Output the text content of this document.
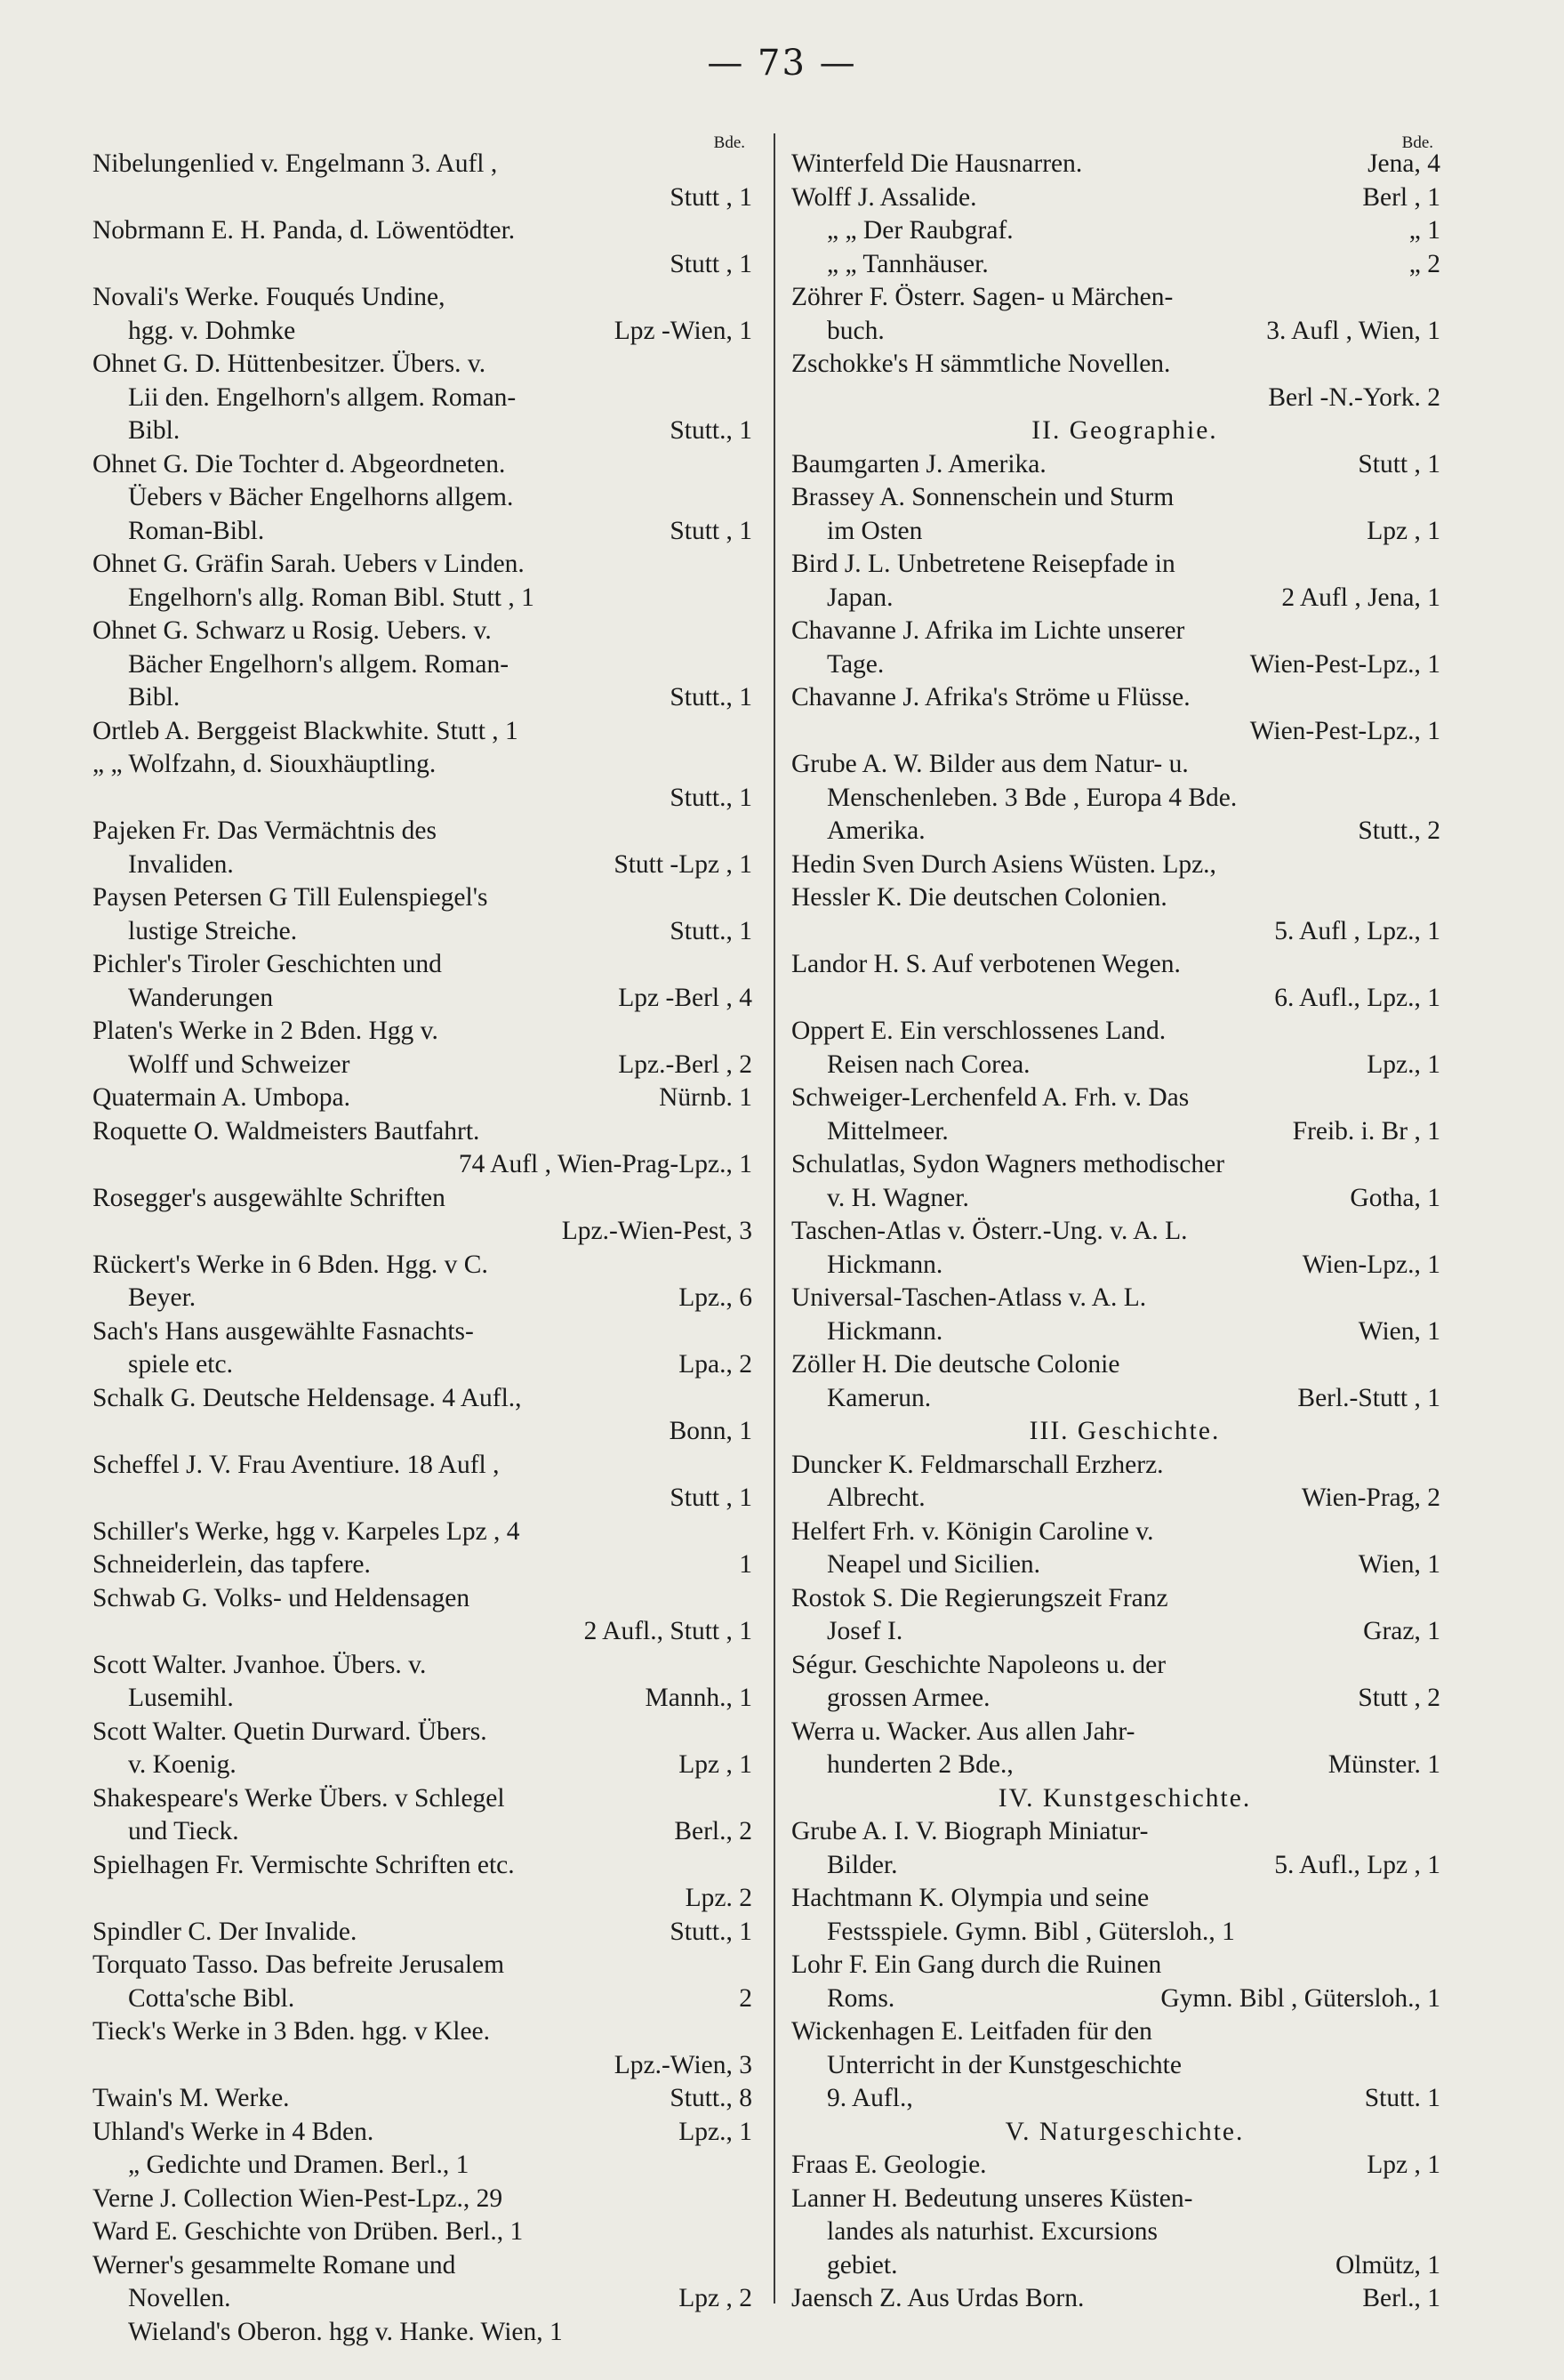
— 73 —
Bde.
Nibelungenlied v. Engelmann 3. Aufl ,
Stutt , 1
Nobrmann E. H. Panda, d. Löwentödter.
Stutt , 1
Novali's Werke. Fouqués Undine,
hgg. v. Dohmke	Lpz -Wien, 1
Ohnet G. D. Hüttenbesitzer. Übers. v.
Lii den. Engelhorn's allgem. Roman-
Bibl.	Stutt., 1
Ohnet G. Die Tochter d. Abgeordneten.
Üebers v Bächer Engelhorns allgem.
Roman-Bibl.	Stutt , 1
Ohnet G. Gräfin Sarah. Uebers v Linden.
Engelhorn's allg. Roman Bibl. Stutt , 1
Ohnet G. Schwarz u Rosig. Uebers. v.
Bächer Engelhorn's allgem. Roman-
Bibl.	Stutt., 1
Ortleb A. Berggeist Blackwhite. Stutt , 1
„ „ Wolfzahn, d. Siouxhäuptling.
Stutt., 1
Pajeken Fr. Das Vermächtnis des
Invaliden.	Stutt -Lpz , 1
Paysen Petersen G Till Eulenspiegel's
lustige Streiche.	Stutt., 1
Pichler's Tiroler Geschichten und
Wanderungen	Lpz -Berl , 4
Platen's Werke in 2 Bden. Hgg v.
Wolff und Schweizer	Lpz.-Berl , 2
Quatermain A. Umbopa.	Nürnb. 1
Roquette O. Waldmeisters Bautfahrt.
74 Aufl , Wien-Prag-Lpz., 1
Rosegger's ausgewählte Schriften
Lpz.-Wien-Pest, 3
Rückert's Werke in 6 Bden. Hgg. v C.
Beyer.	Lpz., 6
Sach's Hans ausgewählte Fasnachts-
spiele etc.	Lpa., 2
Schalk G. Deutsche Heldensage. 4 Aufl.,
Bonn, 1
Scheffel J. V. Frau Aventiure. 18 Aufl ,
Stutt , 1
Schiller's Werke, hgg v. Karpeles Lpz , 4
Schneiderlein, das tapfere.	1
Schwab G. Volks- und Heldensagen
2 Aufl., Stutt , 1
Scott Walter. Jvanhoe. Übers. v.
Lusemihl.	Mannh., 1
Scott Walter. Quetin Durward. Übers.
v. Koenig.	Lpz , 1
Shakespeare's Werke Übers. v Schlegel
und Tieck.	Berl., 2
Spielhagen Fr. Vermischte Schriften etc.
Lpz. 2
Spindler C. Der Invalide.	Stutt., 1
Torquato Tasso. Das befreite Jerusalem
Cotta'sche Bibl.	2
Tieck's Werke in 3 Bden. hgg. v Klee.
Lpz.-Wien, 3
Twain's M. Werke.	Stutt., 8
Uhland's Werke in 4 Bden.	Lpz., 1
„ Gedichte und Dramen. Berl., 1
Verne J. Collection Wien-Pest-Lpz., 29
Ward E. Geschichte von Drüben. Berl., 1
Werner's gesammelte Romane und
Novellen.	Lpz , 2
Wieland's Oberon. hgg v. Hanke. Wien, 1
Bde.
Winterfeld Die Hausnarren.	Jena, 4
Wolff J. Assalide.	Berl , 1
„ „ Der Raubgraf.	„ 1
„ „ Tannhäuser.	„ 2
Zöhrer F. Österr. Sagen- u Märchen-
buch.	3. Aufl , Wien, 1
Zschokke's H sämmtliche Novellen.
Berl -N.-York. 2
II. Geographie.
Baumgarten J. Amerika.	Stutt , 1
Brassey A. Sonnenschein und Sturm
im Osten	Lpz , 1
Bird J. L. Unbetretene Reisepfade in
Japan.	2 Aufl , Jena, 1
Chavanne J. Afrika im Lichte unserer
Tage.	Wien-Pest-Lpz., 1
Chavanne J. Afrika's Ströme u Flüsse.
Wien-Pest-Lpz., 1
Grube A. W. Bilder aus dem Natur- u.
Menschenleben. 3 Bde , Europa 4 Bde.
Amerika.	Stutt., 2
Hedin Sven Durch Asiens Wüsten. Lpz.,
Hessler K. Die deutschen Colonien.
5. Aufl , Lpz., 1
Landor H. S. Auf verbotenen Wegen.
6. Aufl., Lpz., 1
Oppert E. Ein verschlossenes Land.
Reisen nach Corea.	Lpz., 1
Schweiger-Lerchenfeld A. Frh. v. Das
Mittelmeer.	Freib. i. Br , 1
Schulatlas, Sydon Wagners methodischer
v. H. Wagner.	Gotha, 1
Taschen-Atlas v. Österr.-Ung. v. A. L.
Hickmann.	Wien-Lpz., 1
Universal-Taschen-Atlass v. A. L.
Hickmann.	Wien, 1
Zöller H. Die deutsche Colonie
Kamerun.	Berl.-Stutt , 1
III. Geschichte.
Duncker K. Feldmarschall Erzherz.
Albrecht.	Wien-Prag, 2
Helfert Frh. v. Königin Caroline v.
Neapel und Sicilien.	Wien, 1
Rostok S. Die Regierungszeit Franz
Josef I.	Graz, 1
Ségur. Geschichte Napoleons u. der
grossen Armee.	Stutt , 2
Werra u. Wacker. Aus allen Jahr-
hunderten 2 Bde.,	Münster. 1
IV. Kunstgeschichte.
Grube A. I. V. Biograph Miniatur-
Bilder.	5. Aufl., Lpz , 1
Hachtmann K. Olympia und seine
Festsspiele. Gymn. Bibl , Gütersloh., 1
Lohr F. Ein Gang durch die Ruinen
Roms.	Gymn. Bibl , Gütersloh., 1
Wickenhagen E. Leitfaden für den
Unterricht in der Kunstgeschichte
9. Aufl.,	Stutt. 1
V. Naturgeschichte.
Fraas E. Geologie.	Lpz , 1
Lanner H. Bedeutung unseres Küsten-
landes als naturhist. Excursions
gebiet.	Olmütz, 1
Jaensch Z. Aus Urdas Born.	Berl., 1
